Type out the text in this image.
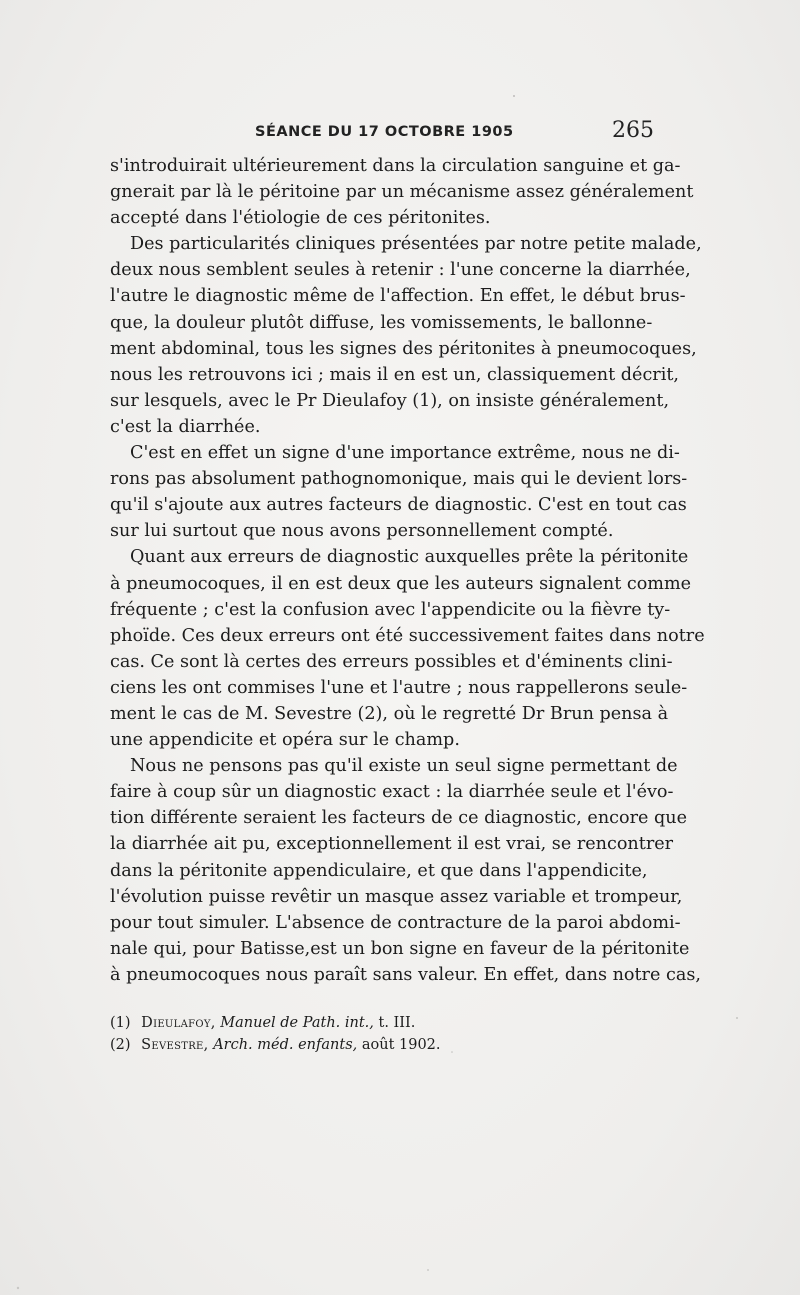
SÉANCE DU 17 OCTOBRE 1905	265
s'introduirait ultérieurement dans la circulation sanguine et ga-
gnerait par là le péritoine par un mécanisme assez généralement
accepté dans l'étiologie de ces péritonites.
Des particularités cliniques présentées par notre petite malade,
deux nous semblent seules à retenir : l'une concerne la diarrhée,
l'autre le diagnostic même de l'affection. En effet, le début brus-
que, la douleur plutôt diffuse, les vomissements, le ballonne-
ment abdominal, tous les signes des péritonites à pneumocoques,
nous les retrouvons ici ; mais il en est un, classiquement décrit,
sur lesquels, avec le Pr Dieulafoy (1), on insiste généralement,
c'est la diarrhée.
C'est en effet un signe d'une importance extrême, nous ne di-
rons pas absolument pathognomonique, mais qui le devient lors-
qu'il s'ajoute aux autres facteurs de diagnostic. C'est en tout cas
sur lui surtout que nous avons personnellement compté.
Quant aux erreurs de diagnostic auxquelles prête la péritonite
à pneumocoques, il en est deux que les auteurs signalent comme
fréquente ; c'est la confusion avec l'appendicite ou la fièvre ty-
phoïde. Ces deux erreurs ont été successivement faites dans notre
cas. Ce sont là certes des erreurs possibles et d'éminents clini-
ciens les ont commises l'une et l'autre ; nous rappellerons seule-
ment le cas de M. Sevestre (2), où le regretté Dr Brun pensa à
une appendicite et opéra sur le champ.
Nous ne pensons pas qu'il existe un seul signe permettant de
faire à coup sûr un diagnostic exact : la diarrhée seule et l'évo-
tion différente seraient les facteurs de ce diagnostic, encore que
la diarrhée ait pu, exceptionnellement il est vrai, se rencontrer
dans la péritonite appendiculaire, et que dans l'appendicite,
l'évolution puisse revêtir un masque assez variable et trompeur,
pour tout simuler. L'absence de contracture de la paroi abdomi-
nale qui, pour Batisse,est un bon signe en faveur de la péritonite
à pneumocoques nous paraît sans valeur. En effet, dans notre cas,
(1) Dieulafoy, Manuel de Path. int., t. III.
(2) Sevestre, Arch. méd. enfants, août 1902.
